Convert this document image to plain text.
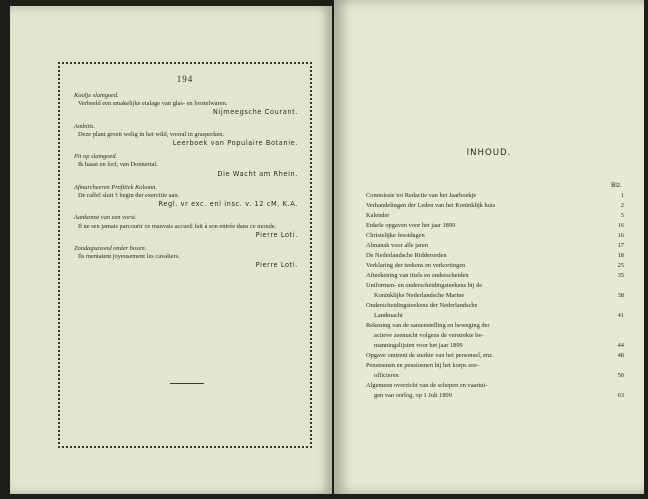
194
Koolje slamgoed.
Verbeeld een smakelijke etalage van glas- en lorstelwaren.
Nijmeegsche Courant.
Ambitis.
Deze plant groeit welig in het wild, vooral in grasperken.
Leerboek van Populaire Botanie.
Pit op slamgoed.
Ik haast en lorf, van Donnertal.
Die Wacht am Rhein.
Afmarcheeren Profitiek Kolomn.
De raffel sluit 't begin der exercitie aan.
Regl. vr exc. enl insc. v. 12 cM. K.A.
Aankomst van een vorst.
Il ne sen jamais parcourir ce mauvais accueil fait à son entrée dans ce monde.
Pierre Loti.
Zondagsavond onder bosen.
Ils mentaient joyeusement les cavaliers.
Pierre Loti.
INHOUD.
Blz.
Commissie tot Redactie van het Jaarboekje	1
Verhandelingen der Leden van het Koninklijk huis	2
Kalender	5
Enkele opgaven voor het jaar 1899	16
Christelijke feestdagen	16
Almanak voor alle jaren	17
De Nederlandsche Ridderorden	18
Verklaring der teekens en verkortingen	25
Afteekening van titels en onderscheiden	35
Uniformen- en onderscheidingsteekens bij de
Koninklijke Nederlandsche Marine	38
Onderscheidingsteekens der Nederlandsche
Landmacht	41
Rekening van de samenstelling en beweging der
actieve zeemacht volgens de verstrekte be-
manningslijsten voor het jaar 1899	44
Opgave omtrent de sterkte van het personeel, enz.	48
Pensioenen en pensioenen bij het korps zee-
officieren	50
Algemeen overzicht van de schepen en vaartui-
gen van oorlog, op 1 Juli 1899	63
